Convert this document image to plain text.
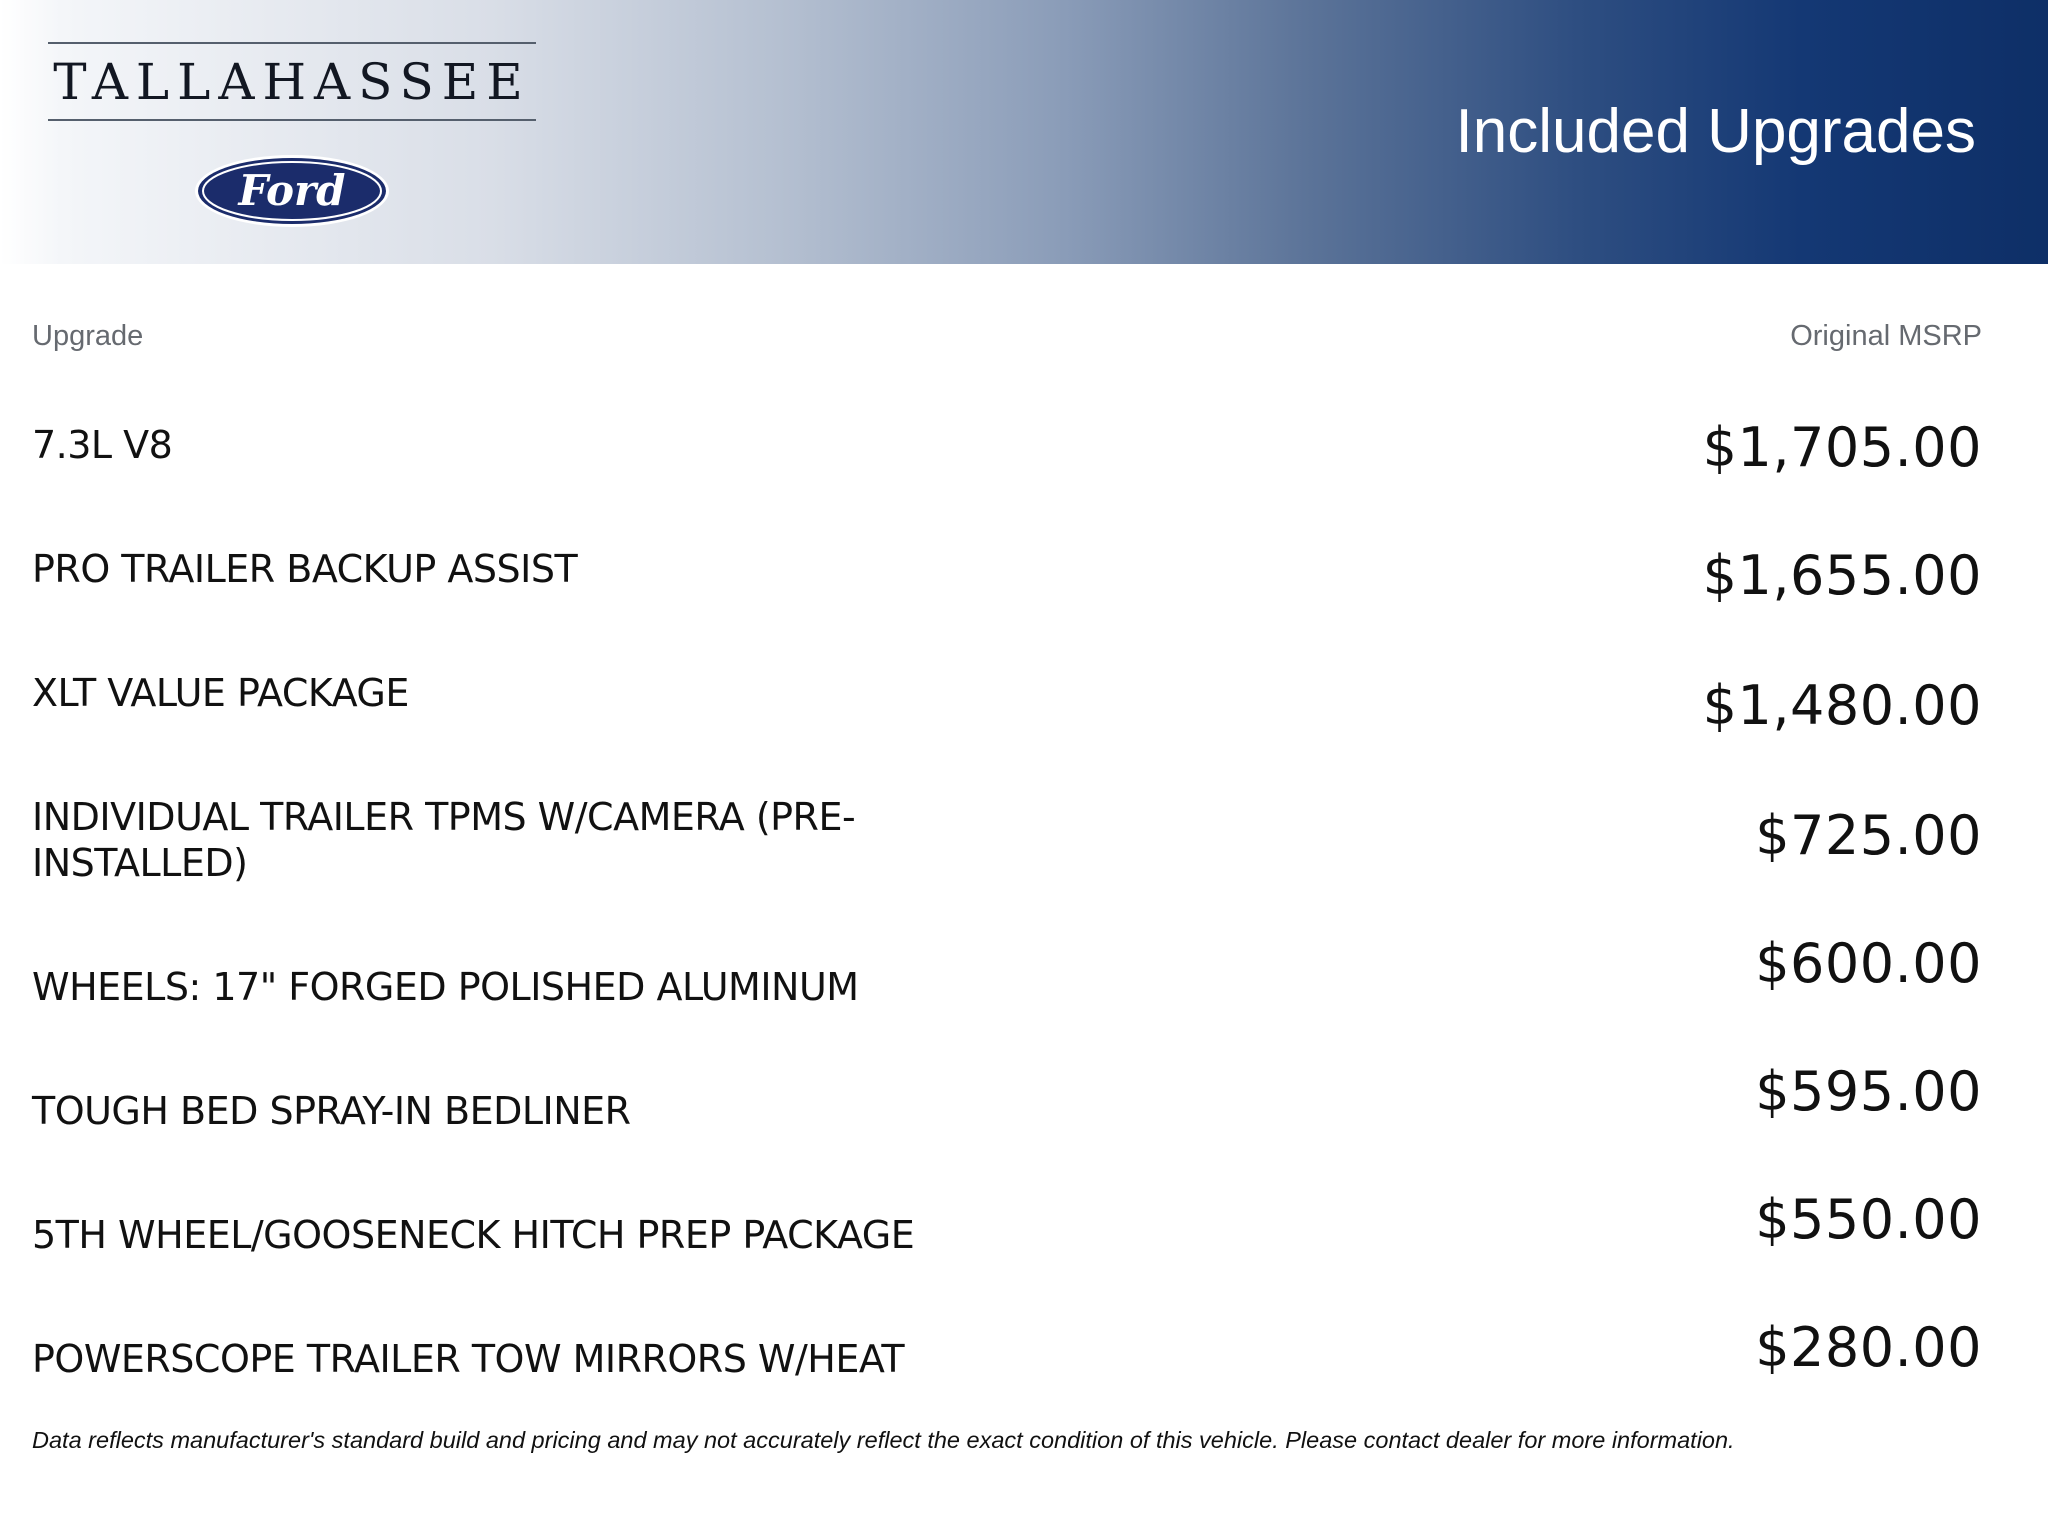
TALLAHASSEE
Ford
Included Upgrades
Upgrade	Original MSRP
7.3L V8	$1,705.00
PRO TRAILER BACKUP ASSIST	$1,655.00
XLT VALUE PACKAGE	$1,480.00
INDIVIDUAL TRAILER TPMS W/CAMERA (PRE-INSTALLED)	$725.00
WHEELS: 17" FORGED POLISHED ALUMINUM	$600.00
TOUGH BED SPRAY-IN BEDLINER	$595.00
5TH WHEEL/GOOSENECK HITCH PREP PACKAGE	$550.00
POWERSCOPE TRAILER TOW MIRRORS W/HEAT	$280.00
Data reflects manufacturer's standard build and pricing and may not accurately reflect the exact condition of this vehicle. Please contact dealer for more information.
